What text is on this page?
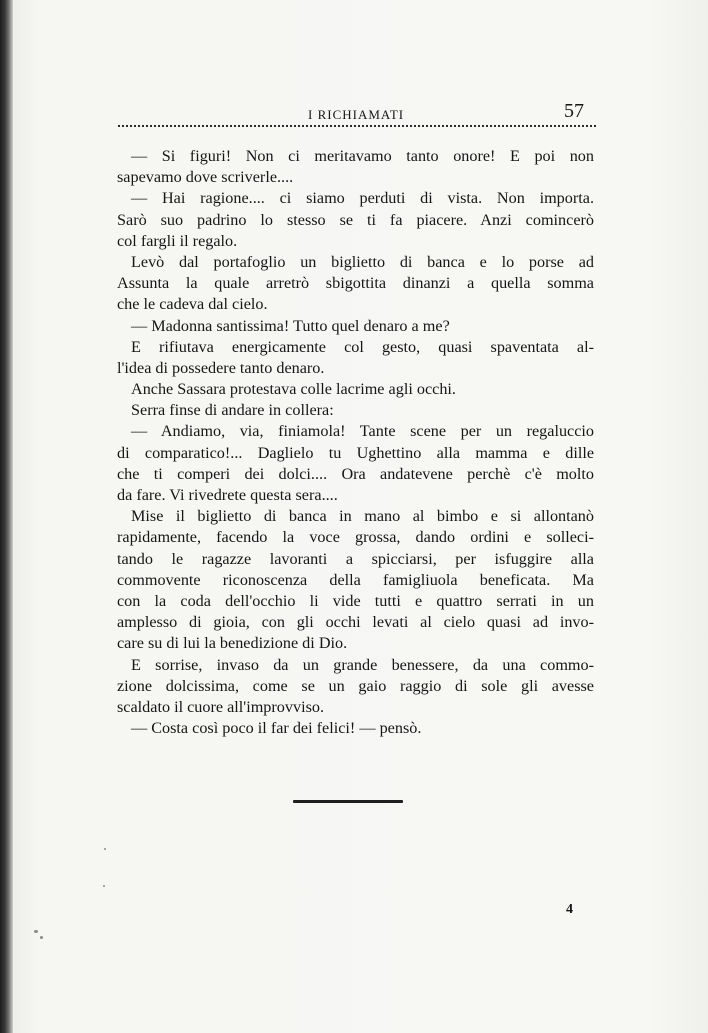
I RICHIAMATI	57
— Si figuri! Non ci meritavamo tanto onore! E poi non
sapevamo dove scriverle....
— Hai ragione.... ci siamo perduti di vista. Non importa.
Sarò suo padrino lo stesso se ti fa piacere. Anzi comincerò
col fargli il regalo.
Levò dal portafoglio un biglietto di banca e lo porse ad
Assunta la quale arretrò sbigottita dinanzi a quella somma
che le cadeva dal cielo.
— Madonna santissima! Tutto quel denaro a me?
E rifiutava energicamente col gesto, quasi spaventata al-
l'idea di possedere tanto denaro.
Anche Sassara protestava colle lacrime agli occhi.
Serra finse di andare in collera:
— Andiamo, via, finiamola! Tante scene per un regaluccio
di comparatico!... Daglielo tu Ughettino alla mamma e dille
che ti comperi dei dolci.... Ora andatevene perchè c'è molto
da fare. Vi rivedrete questa sera....
Mise il biglietto di banca in mano al bimbo e si allontanò
rapidamente, facendo la voce grossa, dando ordini e solleci-
tando le ragazze lavoranti a spicciarsi, per isfuggire alla
commovente riconoscenza della famigliuola beneficata. Ma
con la coda dell'occhio li vide tutti e quattro serrati in un
amplesso di gioia, con gli occhi levati al cielo quasi ad invo-
care su di lui la benedizione di Dio.
E sorrise, invaso da un grande benessere, da una commo-
zione dolcissima, come se un gaio raggio di sole gli avesse
scaldato il cuore all'improvviso.
— Costa così poco il far dei felici! — pensò.
4
